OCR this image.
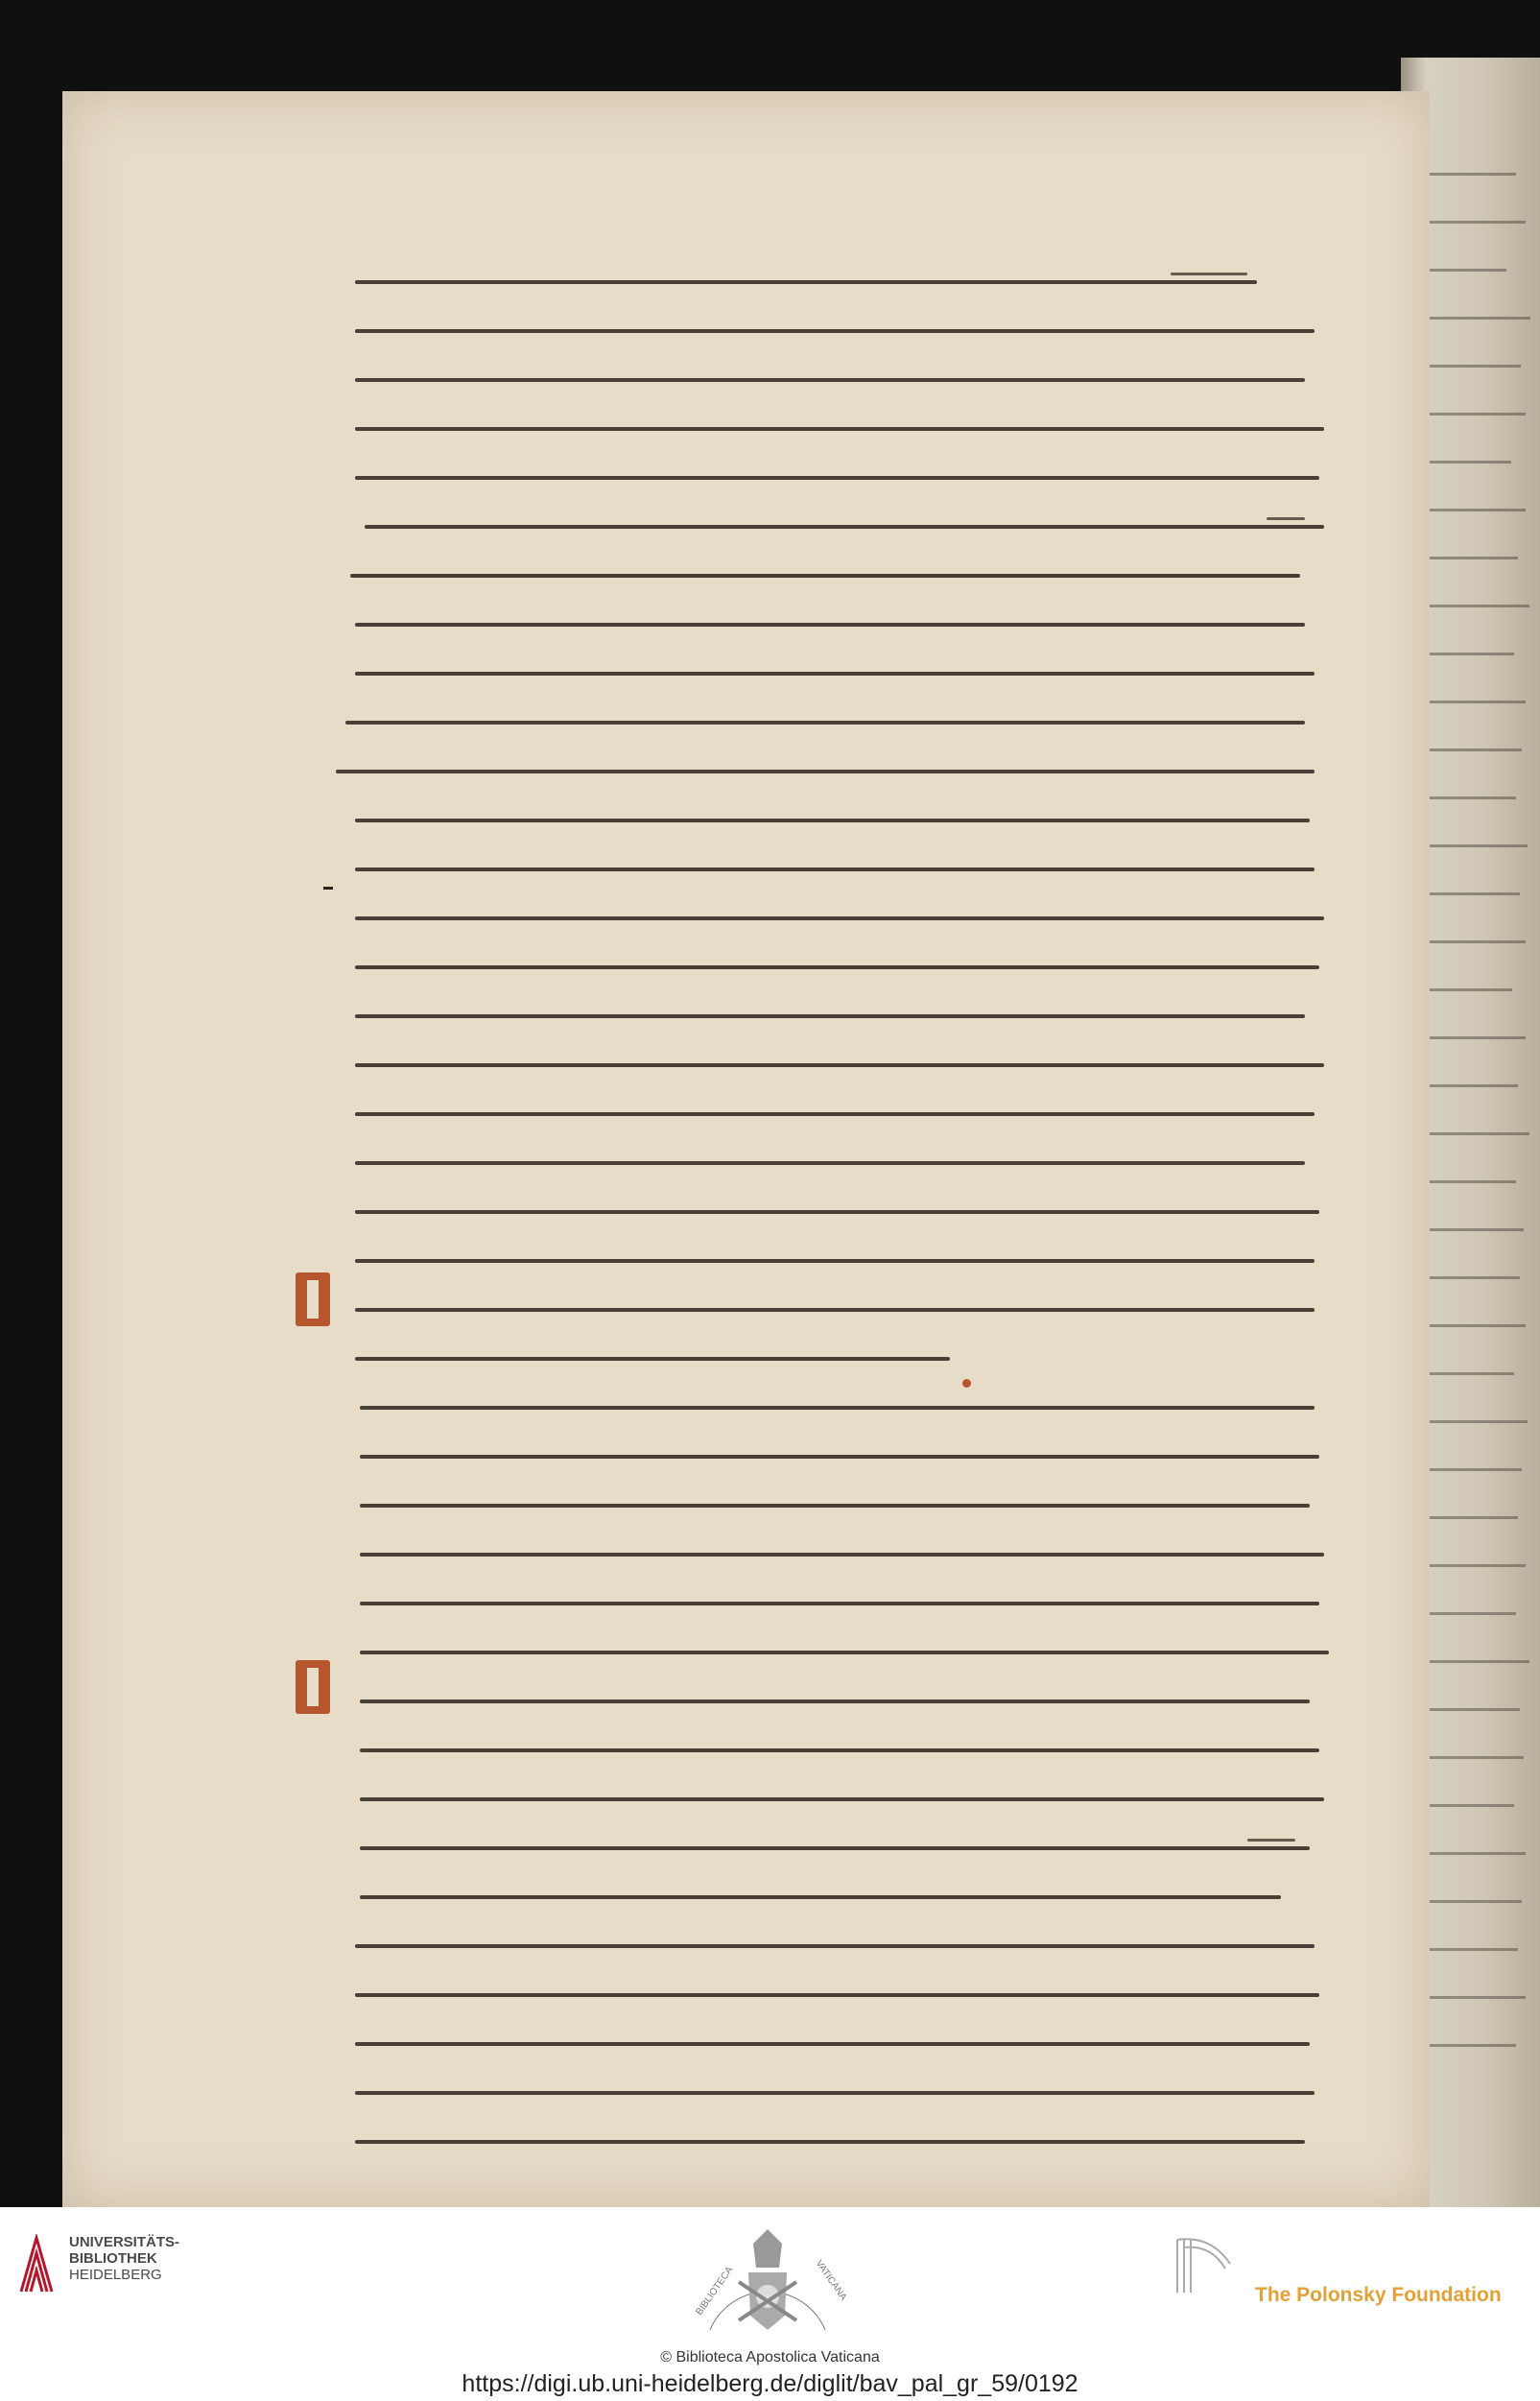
UNIVERSITÄTS-
BIBLIOTHEK

HEIDELBERG	BIBLIOTECA	VATICANA
© Biblioteca Apostolica Vaticana
https://digi.ub.uni-heidelberg.de/diglit/bav_pal_gr_59/0192
The Polonsky Foundation
